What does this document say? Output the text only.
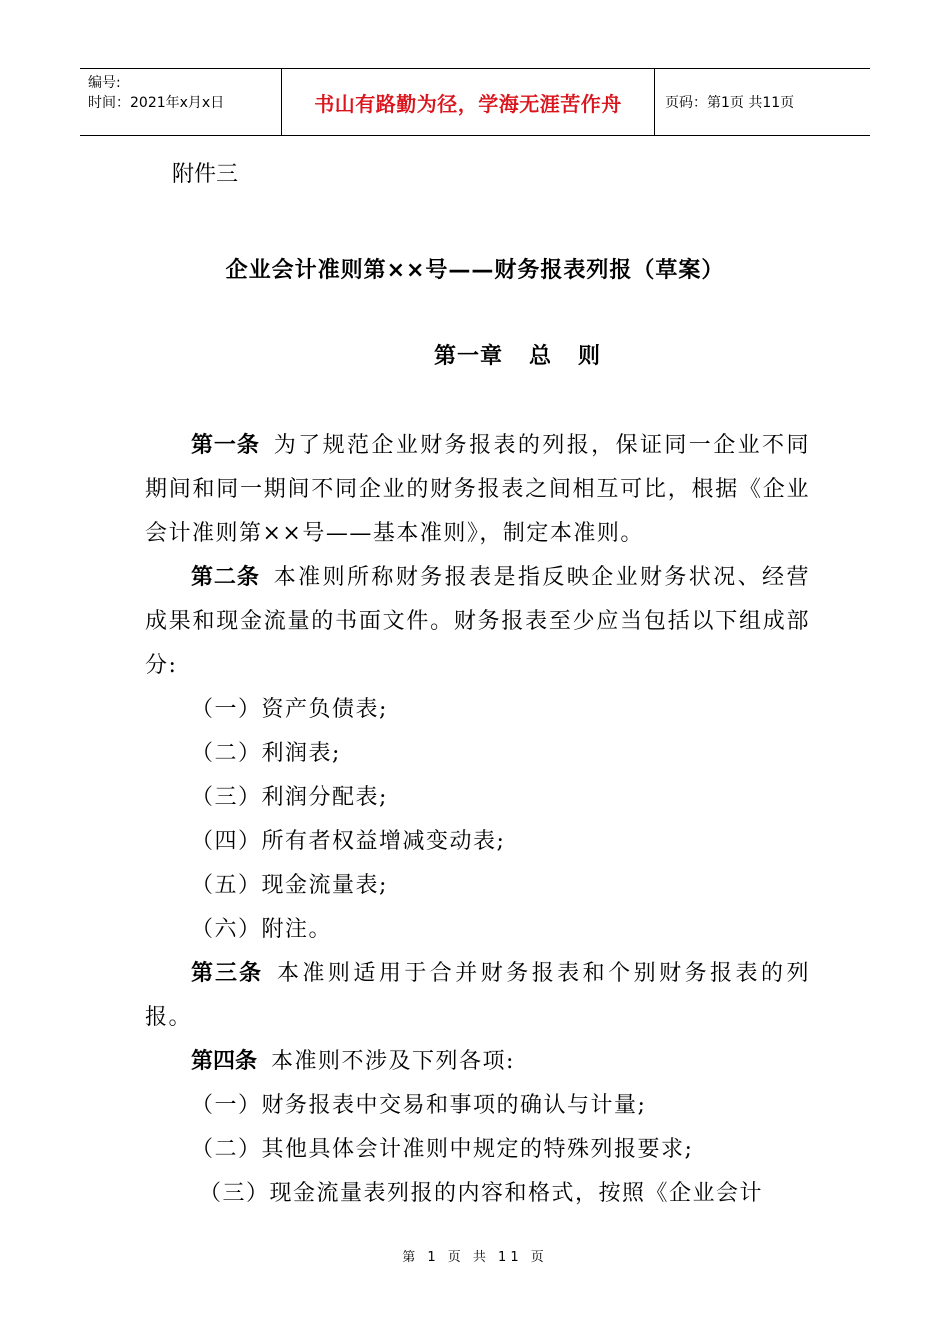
编号:
时间：2021年x月x日	书山有路勤为径，学海无涯苦作舟	页码：第1页 共11页
附件三
企业会计准则第××号——财务报表列报（草案）
第一章   总   则

第一条 为了规范企业财务报表的列报，保证同一企业不同期间和同一期间不同企业的财务报表之间相互可比，根据《企业会计准则第××号——基本准则》，制定本准则。

第二条 本准则所称财务报表是指反映企业财务状况、经营成果和现金流量的书面文件。财务报表至少应当包括以下组成部分:

（一）资产负债表;

（二）利润表;

（三）利润分配表;

（四）所有者权益增减变动表;

（五）现金流量表;

（六）附注。

第三条 本准则适用于合并财务报表和个别财务报表的列报。

第四条 本准则不涉及下列各项:

（一）财务报表中交易和事项的确认与计量;

（二）其他具体会计准则中规定的特殊列报要求;

（三）现金流量表列报的内容和格式，按照《企业会计

第 1 页 共 11 页
